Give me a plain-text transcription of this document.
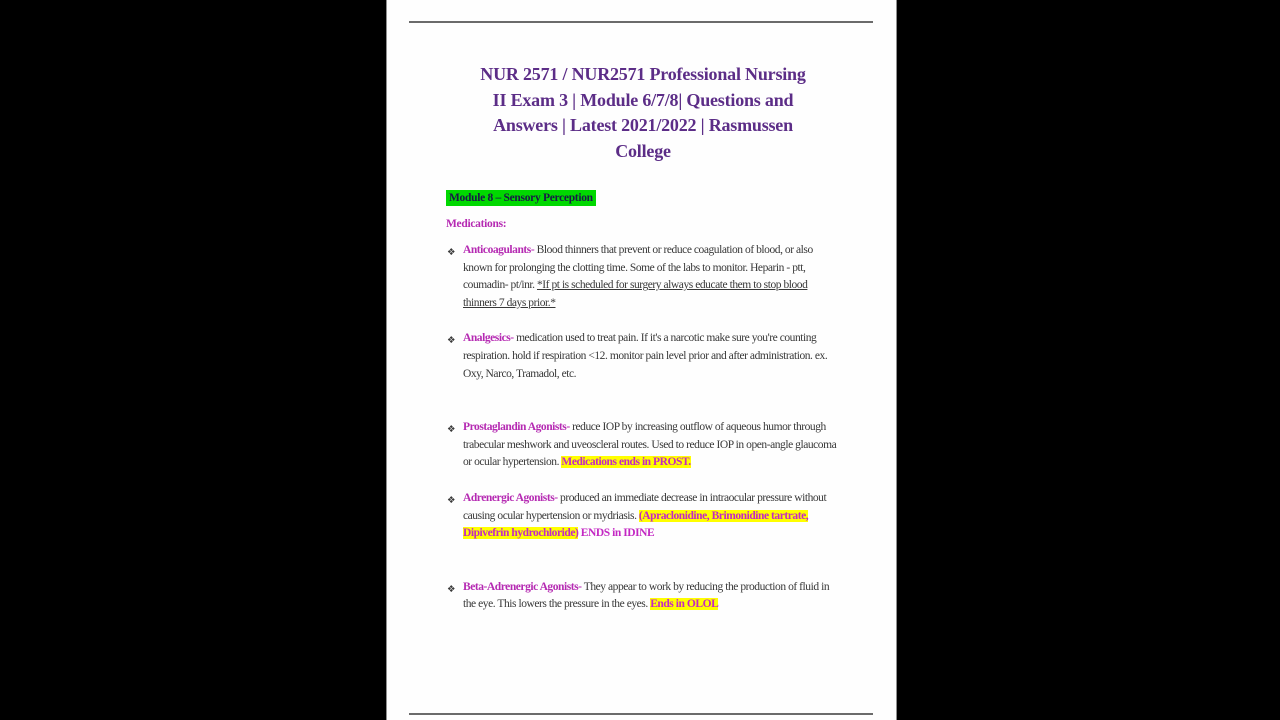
NUR 2571 / NUR2571 Professional Nursing
II Exam 3 | Module 6/7/8| Questions and
Answers | Latest 2021/2022 | Rasmussen
College
Module 8 – Sensory Perception
Medications:
❖ Anticoagulants- Blood thinners that prevent or reduce coagulation of blood, or also known for prolonging the clotting time. Some of the labs to monitor. Heparin - ptt, coumadin- pt/inr. *If pt is scheduled for surgery always educate them to stop blood thinners 7 days prior.*
❖ Analgesics- medication used to treat pain. If it's a narcotic make sure you're counting respiration. hold if respiration <12. monitor pain level prior and after administration. ex. Oxy, Narco, Tramadol, etc.
❖ Prostaglandin Agonists- reduce IOP by increasing outflow of aqueous humor through trabecular meshwork and uveoscleral routes. Used to reduce IOP in open-angle glaucoma or ocular hypertension. Medications ends in PROST.
❖ Adrenergic Agonists- produced an immediate decrease in intraocular pressure without causing ocular hypertension or mydriasis. (Apraclonidine, Brimonidine tartrate, Dipivefrin hydrochloride) ENDS in IDINE
❖ Beta-Adrenergic Agonists- They appear to work by reducing the production of fluid in the eye. This lowers the pressure in the eyes. Ends in OLOL
